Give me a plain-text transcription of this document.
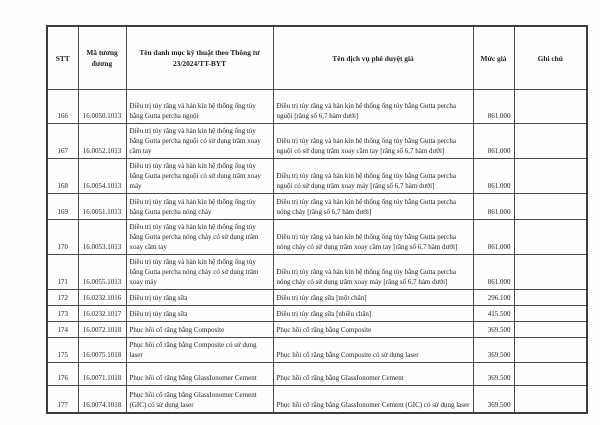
STT	Mã tương đương	Tên danh mục kỹ thuật theo Thông tư 23/2024/TT-BYT	Tên dịch vụ phê duyệt giá	Mức giá	Ghi chú
166	16.0050.1013	Điều trị tủy răng và hàn kín hệ thống ống tủy bằng Gutta percha nguội	Điều trị tủy răng và hàn kín hệ thống ống tủy bằng Gutta percha nguội [răng số 6,7 hàm dưới]	861.000	
167	16.0052.1013	Điều trị tủy răng và hàn kín hệ thống ống tủy bằng Gutta percha nguội có sử dụng trâm xoay cầm tay	Điều trị tủy răng và hàn kín hệ thống ống tủy bằng Gutta percha nguội có sử dụng trâm xoay cầm tay [răng số 6,7 hàm dưới]	861.000	
168	16.0054.1013	Điều trị tủy răng và hàn kín hệ thống ống tủy bằng Gutta percha nguội có sử dụng trâm xoay máy	Điều trị tủy răng và hàn kín hệ thống ống tủy bằng Gutta percha nguội có sử dụng trâm xoay máy [răng số 6,7 hàm dưới]	861.000	
169	16.0051.1013	Điều trị tủy răng và hàn kín hệ thống ống tủy bằng Gutta percha nóng chảy	Điều trị tủy răng và hàn kín hệ thống ống tủy bằng Gutta percha nóng chảy [răng số 6,7 hàm dưới]	861.000	
170	16.0053.1013	Điều trị tủy răng và hàn kín hệ thống ống tủy bằng Gutta percha nóng chảy có sử dụng trâm xoay cầm tay	Điều trị tủy răng và hàn kín hệ thống ống tủy bằng Gutta percha nóng chảy có sử dụng trâm xoay cầm tay [răng số 6,7 hàm dưới]	861.000	
171	16.0055.1013	Điều trị tủy răng và hàn kín hệ thống ống tủy bằng Gutta percha nóng chảy có sử dụng trâm xoay máy	Điều trị tủy răng và hàn kín hệ thống ống tủy bằng Gutta percha nóng chảy có sử dụng trâm xoay máy [răng số 6,7 hàm dưới]	861.000	
172	16.0232.1016	Điều trị tủy răng sữa	Điều trị tủy răng sữa [một chân]	296.100	
173	16.0232.1017	Điều trị tủy răng sữa	Điều trị tủy răng sữa [nhiều chân]	415.500	
174	16.0072.1018	Phục hồi cổ răng bằng Composite	Phục hồi cổ răng bằng Composite	369.500	
175	16.0075.1018	Phục hồi cổ răng bằng Composite có sử dụng laser	Phục hồi cổ răng bằng Composite có sử dụng laser	369.500	
176	16.0071.1018	Phục hồi cổ răng bằng GlassIonomer Cement	Phục hồi cổ răng bằng GlassIonomer Cement	369.500	
177	16.0074.1018	Phục hồi cổ răng bằng GlassIonomer Cement (GIC) có sử dụng laser	Phục hồi cổ răng bằng GlassIonomer Cement (GIC) có sử dụng laser	369.500	
